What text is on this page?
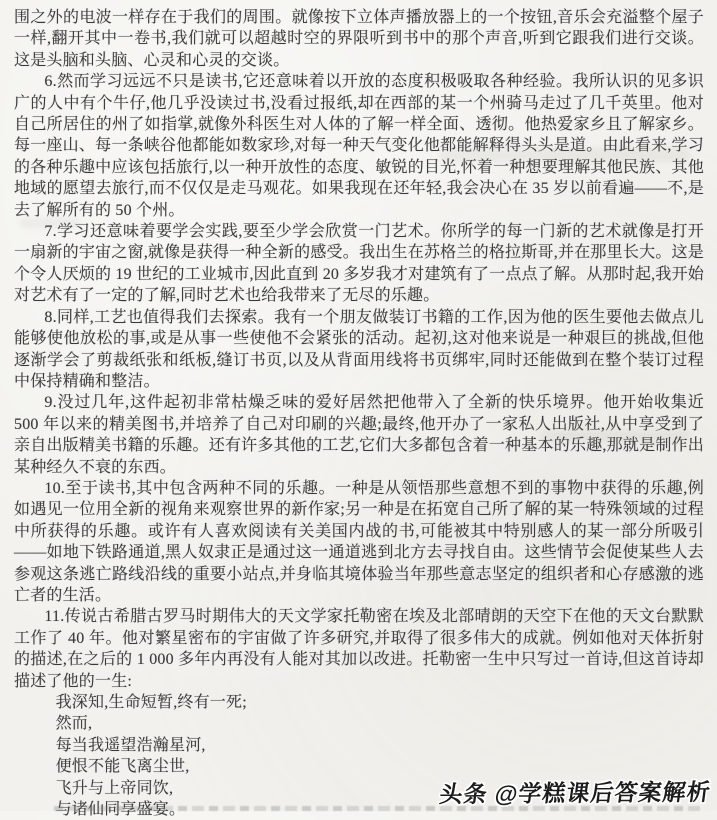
围之外的电波一样存在于我们的周围。就像按下立体声播放器上的一个按钮,音乐会充溢整个屋子一样,翻开其中一卷书,我们就可以超越时空的界限听到书中的那个声音,听到它跟我们进行交谈。这是头脑和头脑、心灵和心灵的交谈。

6.然而学习远远不只是读书,它还意味着以开放的态度积极吸取各种经验。我所认识的见多识广的人中有个牛仔,他几乎没读过书,没看过报纸,却在西部的某一个州骑马走过了几千英里。他对自己所居住的州了如指掌,就像外科医生对人体的了解一样全面、透彻。他热爱家乡且了解家乡。每一座山、每一条峡谷他都能如数家珍,对每一种天气变化他都能解释得头头是道。由此看来,学习的各种乐趣中应该包括旅行,以一种开放性的态度、敏锐的目光,怀着一种想要理解其他民族、其他地域的愿望去旅行,而不仅仅是走马观花。如果我现在还年轻,我会决心在 35 岁以前看遍——不,是去了解所有的 50 个州。

7.学习还意味着要学会实践,要至少学会欣赏一门艺术。你所学的每一门新的艺术就像是打开一扇新的宇宙之窗,就像是获得一种全新的感受。我出生在苏格兰的格拉斯哥,并在那里长大。这是个令人厌烦的 19 世纪的工业城市,因此直到 20 多岁我才对建筑有了一点点了解。从那时起,我开始对艺术有了一定的了解,同时艺术也给我带来了无尽的乐趣。

8.同样,工艺也值得我们去探索。我有一个朋友做装订书籍的工作,因为他的医生要他去做点儿能够使他放松的事,或是从事一些使他不会紧张的活动。起初,这对他来说是一种艰巨的挑战,但他逐渐学会了剪裁纸张和纸板,缝订书页,以及从背面用线将书页绑牢,同时还能做到在整个装订过程中保持精确和整洁。

9.没过几年,这件起初非常枯燥乏味的爱好居然把他带入了全新的快乐境界。他开始收集近 500 年以来的精美图书,并培养了自己对印刷的兴趣;最终,他开办了一家私人出版社,从中享受到了亲自出版精美书籍的乐趣。还有许多其他的工艺,它们大多都包含着一种基本的乐趣,那就是制作出某种经久不衰的东西。

10.至于读书,其中包含两种不同的乐趣。一种是从领悟那些意想不到的事物中获得的乐趣,例如遇见一位用全新的视角来观察世界的新作家;另一种是在拓宽自己所了解的某一特殊领域的过程中所获得的乐趣。或许有人喜欢阅读有关美国内战的书,可能被其中特别感人的某一部分所吸引——如地下铁路通道,黑人奴隶正是通过这一通道逃到北方去寻找自由。这些情节会促使某些人去参观这条逃亡路线沿线的重要小站点,并身临其境体验当年那些意志坚定的组织者和心存感激的逃亡者的生活。

11.传说古希腊古罗马时期伟大的天文学家托勒密在埃及北部晴朗的天空下在他的天文台默默工作了 40 年。他对繁星密布的宇宙做了许多研究,并取得了很多伟大的成就。例如他对天体折射的描述,在之后的 1 000 多年内再没有人能对其加以改进。托勒密一生中只写过一首诗,但这首诗却描述了他的一生:

我深知,生命短暂,终有一死;
然而,
每当我遥望浩瀚星河,
便恨不能飞离尘世,
飞升与上帝同饮,
与诸仙同享盛宴。
头条 @学糕课后答案解析
